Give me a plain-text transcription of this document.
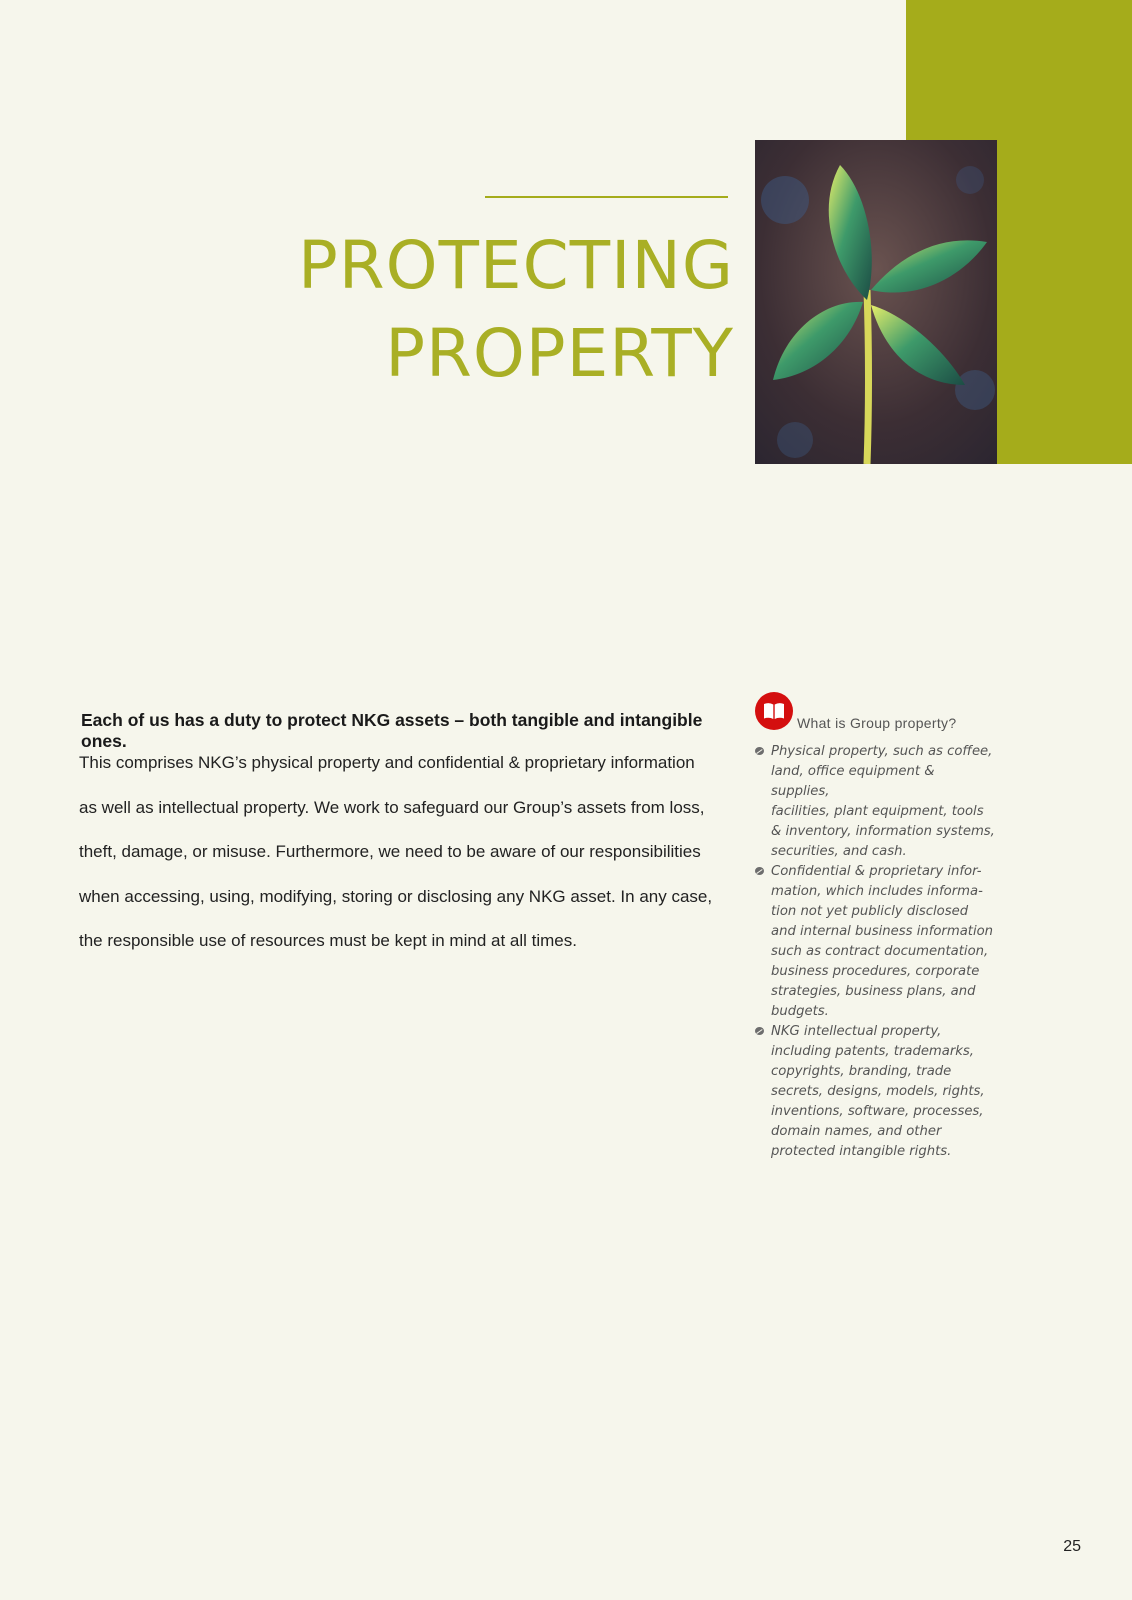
PROTECTING
PROPERTY

Each of us has a duty to protect NKG assets – both tangible and intangible ones.

This comprises NKG’s physical property and confidential & proprietary information
as well as intellectual property. We work to safeguard our Group’s assets from loss,
theft, damage, or misuse. Furthermore, we need to be aware of our responsibilities
when accessing, using, modifying, storing or disclosing any NKG asset. In any case,
the responsible use of resources must be kept in mind at all times.

What is Group property?

Physical property, such as coffee,
land, office equipment & supplies,
facilities, plant equipment, tools
& inventory, information systems,
securities, and cash.
Confidential & proprietary infor-
mation, which includes informa-
tion not yet publicly disclosed
and internal business information
such as contract documentation,
business procedures, corporate
strategies, business plans, and
budgets.
NKG intellectual property,
including patents, trademarks,
copyrights, branding, trade
secrets, designs, models, rights,
inventions, software, processes,
domain names, and other
protected intangible rights.

25
